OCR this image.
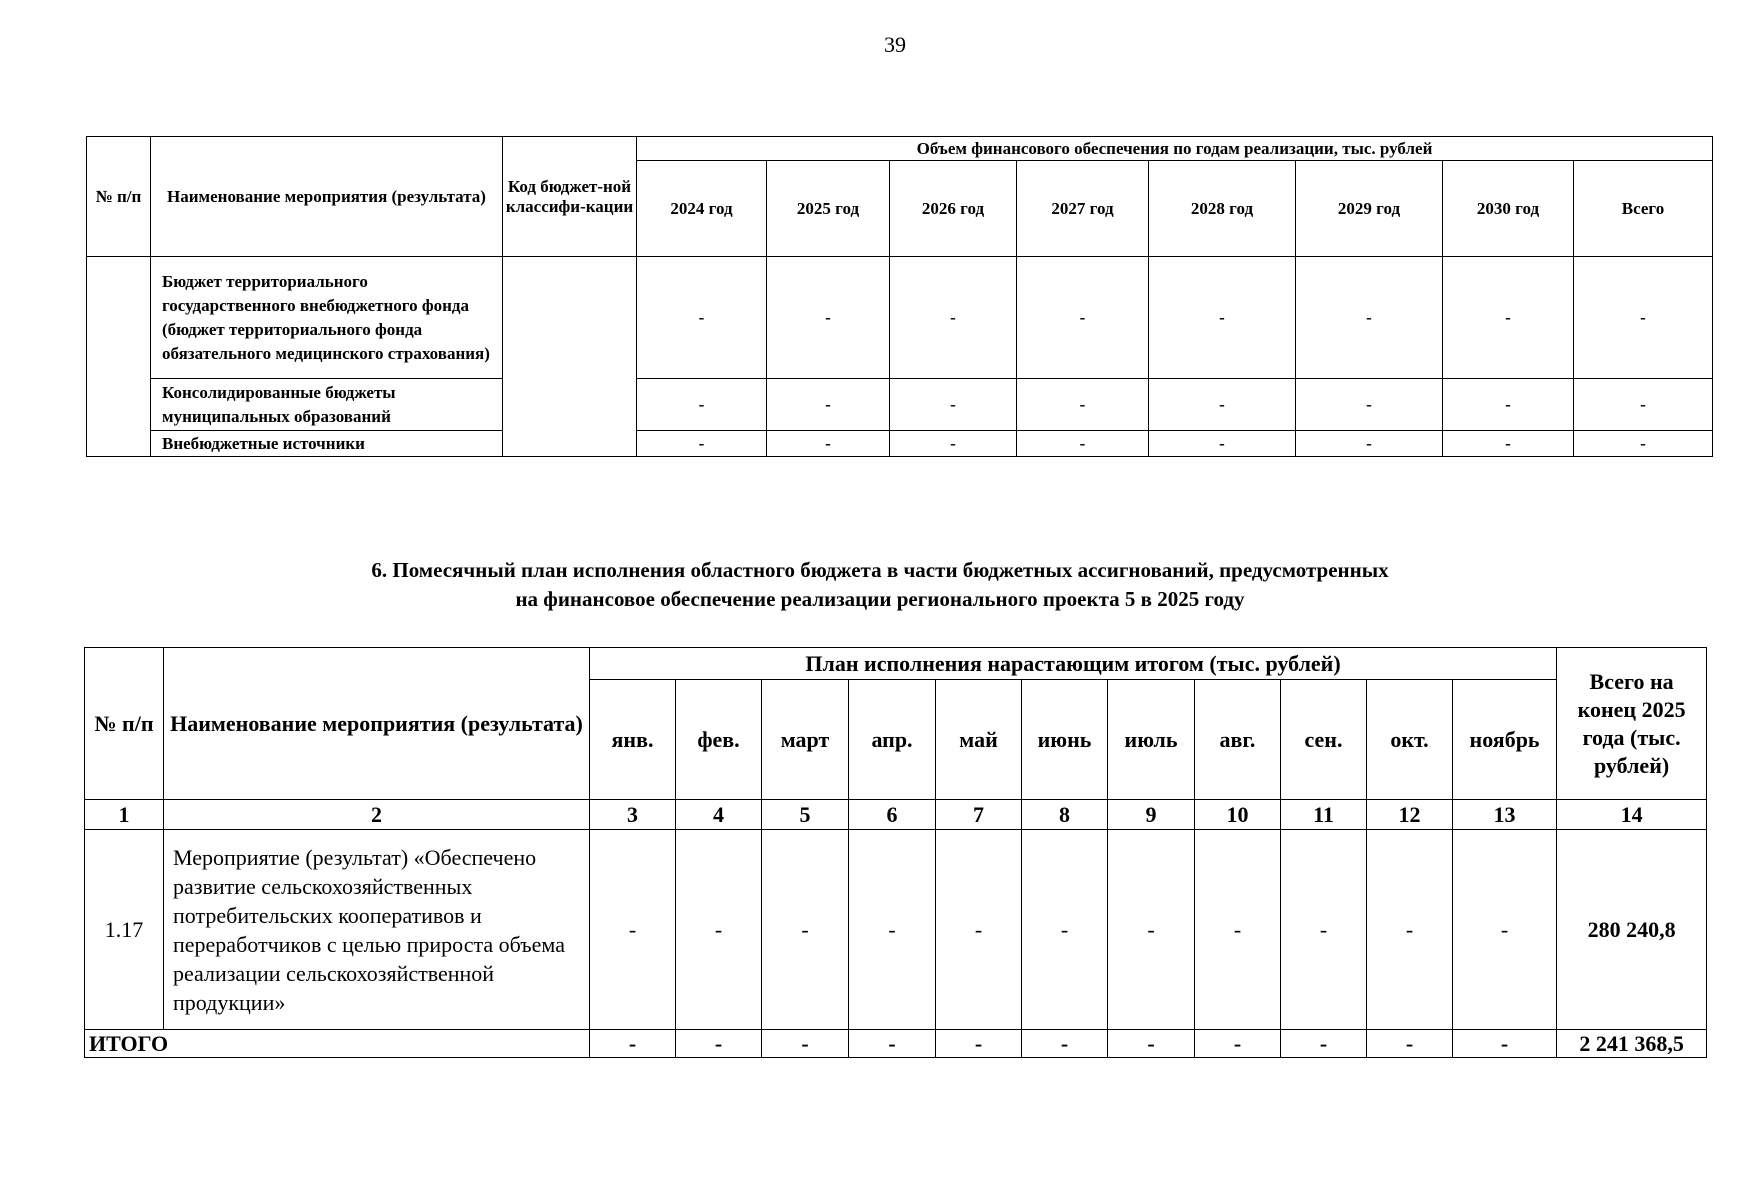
39
№ п/п	Наименование мероприятия (результата)	Код бюджет-ной классифи-кации	Объем финансового обеспечения по годам реализации, тыс. рублей							
			2024 год	2025 год	2026 год	2027 год	2028 год	2029 год	2030 год	Всего
	Бюджет территориального государственного внебюджетного фонда (бюджет территориального фонда обязательного медицинского страхования)		-	-	-	-	-	-	-	-
	Консолидированные бюджеты муниципальных образований		-	-	-	-	-	-	-	-
	Внебюджетные источники		-	-	-	-	-	-	-	-
6. Помесячный план исполнения областного бюджета в части бюджетных ассигнований, предусмотренных
на финансовое обеспечение реализации регионального проекта 5 в 2025 году
№ п/п	Наименование мероприятия (результата)	План исполнения нарастающим итогом (тыс. рублей)											Всего на конец 2025 года (тыс. рублей)
		янв.	фев.	март	апр.	май	июнь	июль	авг.	сен.	окт.	ноябрь	
1	2	3	4	5	6	7	8	9	10	11	12	13	14
1.17	Мероприятие (результат) «Обеспечено развитие сельскохозяйственных потребительских кооперативов и переработчиков с целью прироста объема реализации сельскохозяйственной продукции»	-	-	-	-	-	-	-	-	-	-	-	280 240,8
ИТОГО		-	-	-	-	-	-	-	-	-	-	-	2 241 368,5
